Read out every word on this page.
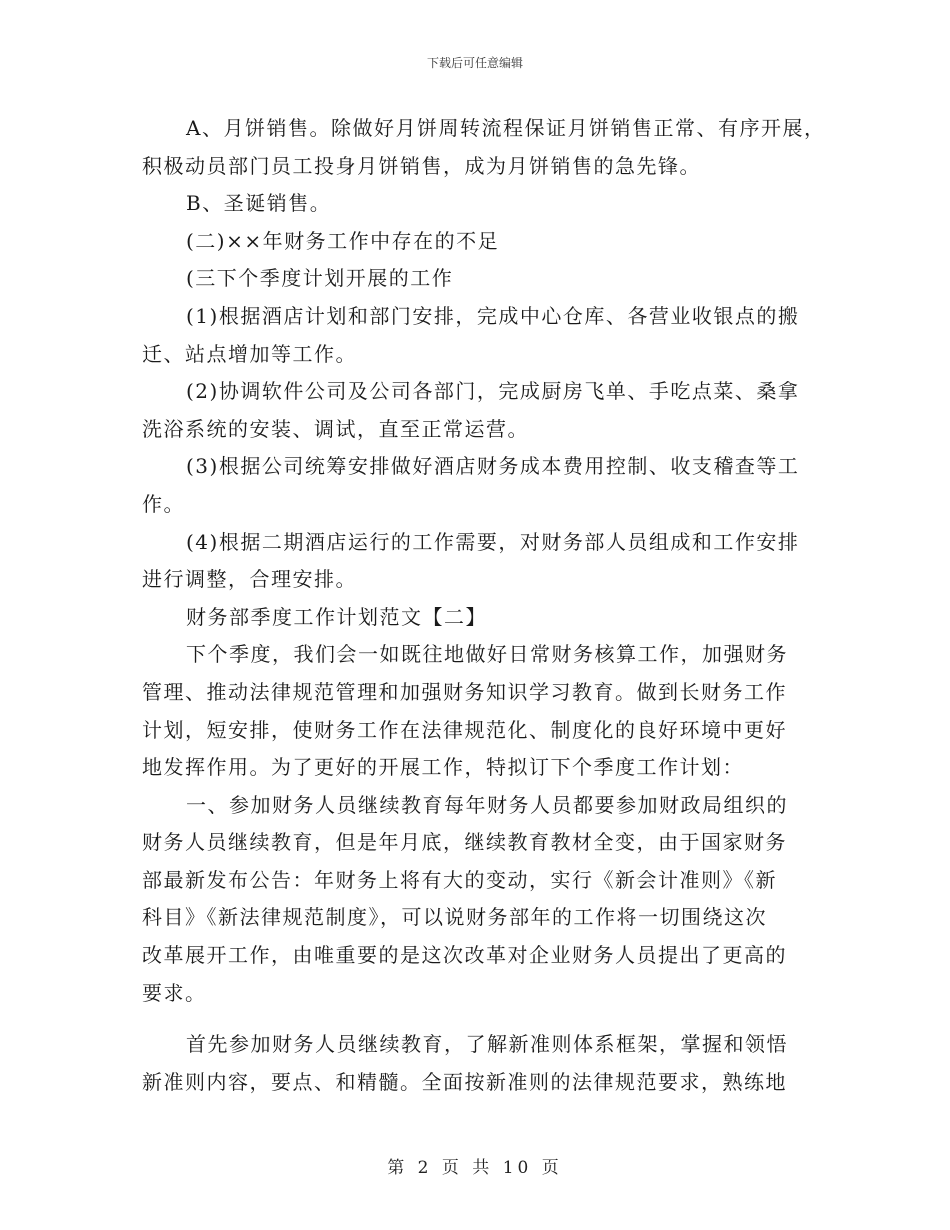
下载后可任意编辑
A、月饼销售。除做好月饼周转流程保证月饼销售正常、有序开展，
积极动员部门员工投身月饼销售，成为月饼销售的急先锋。
B、圣诞销售。
(二)××年财务工作中存在的不足
(三下个季度计划开展的工作
(1)根据酒店计划和部门安排，完成中心仓库、各营业收银点的搬
迁、站点增加等工作。
(2)协调软件公司及公司各部门，完成厨房飞单、手吃点菜、桑拿
洗浴系统的安装、调试，直至正常运营。
(3)根据公司统筹安排做好酒店财务成本费用控制、收支稽查等工
作。
(4)根据二期酒店运行的工作需要，对财务部人员组成和工作安排
进行调整，合理安排。
财务部季度工作计划范文【二】
下个季度，我们会一如既往地做好日常财务核算工作，加强财务
管理、推动法律规范管理和加强财务知识学习教育。做到长财务工作
计划，短安排，使财务工作在法律规范化、制度化的良好环境中更好
地发挥作用。为了更好的开展工作，特拟订下个季度工作计划：
一、参加财务人员继续教育每年财务人员都要参加财政局组织的
财务人员继续教育，但是年月底，继续教育教材全变，由于国家财务
部最新发布公告：年财务上将有大的变动，实行《新会计准则》《新
科目》《新法律规范制度》，可以说财务部年的工作将一切围绕这次
改革展开工作，由唯重要的是这次改革对企业财务人员提出了更高的
要求。
首先参加财务人员继续教育，了解新准则体系框架，掌握和领悟
新准则内容，要点、和精髓。全面按新准则的法律规范要求，熟练地
第 2 页 共 10 页
